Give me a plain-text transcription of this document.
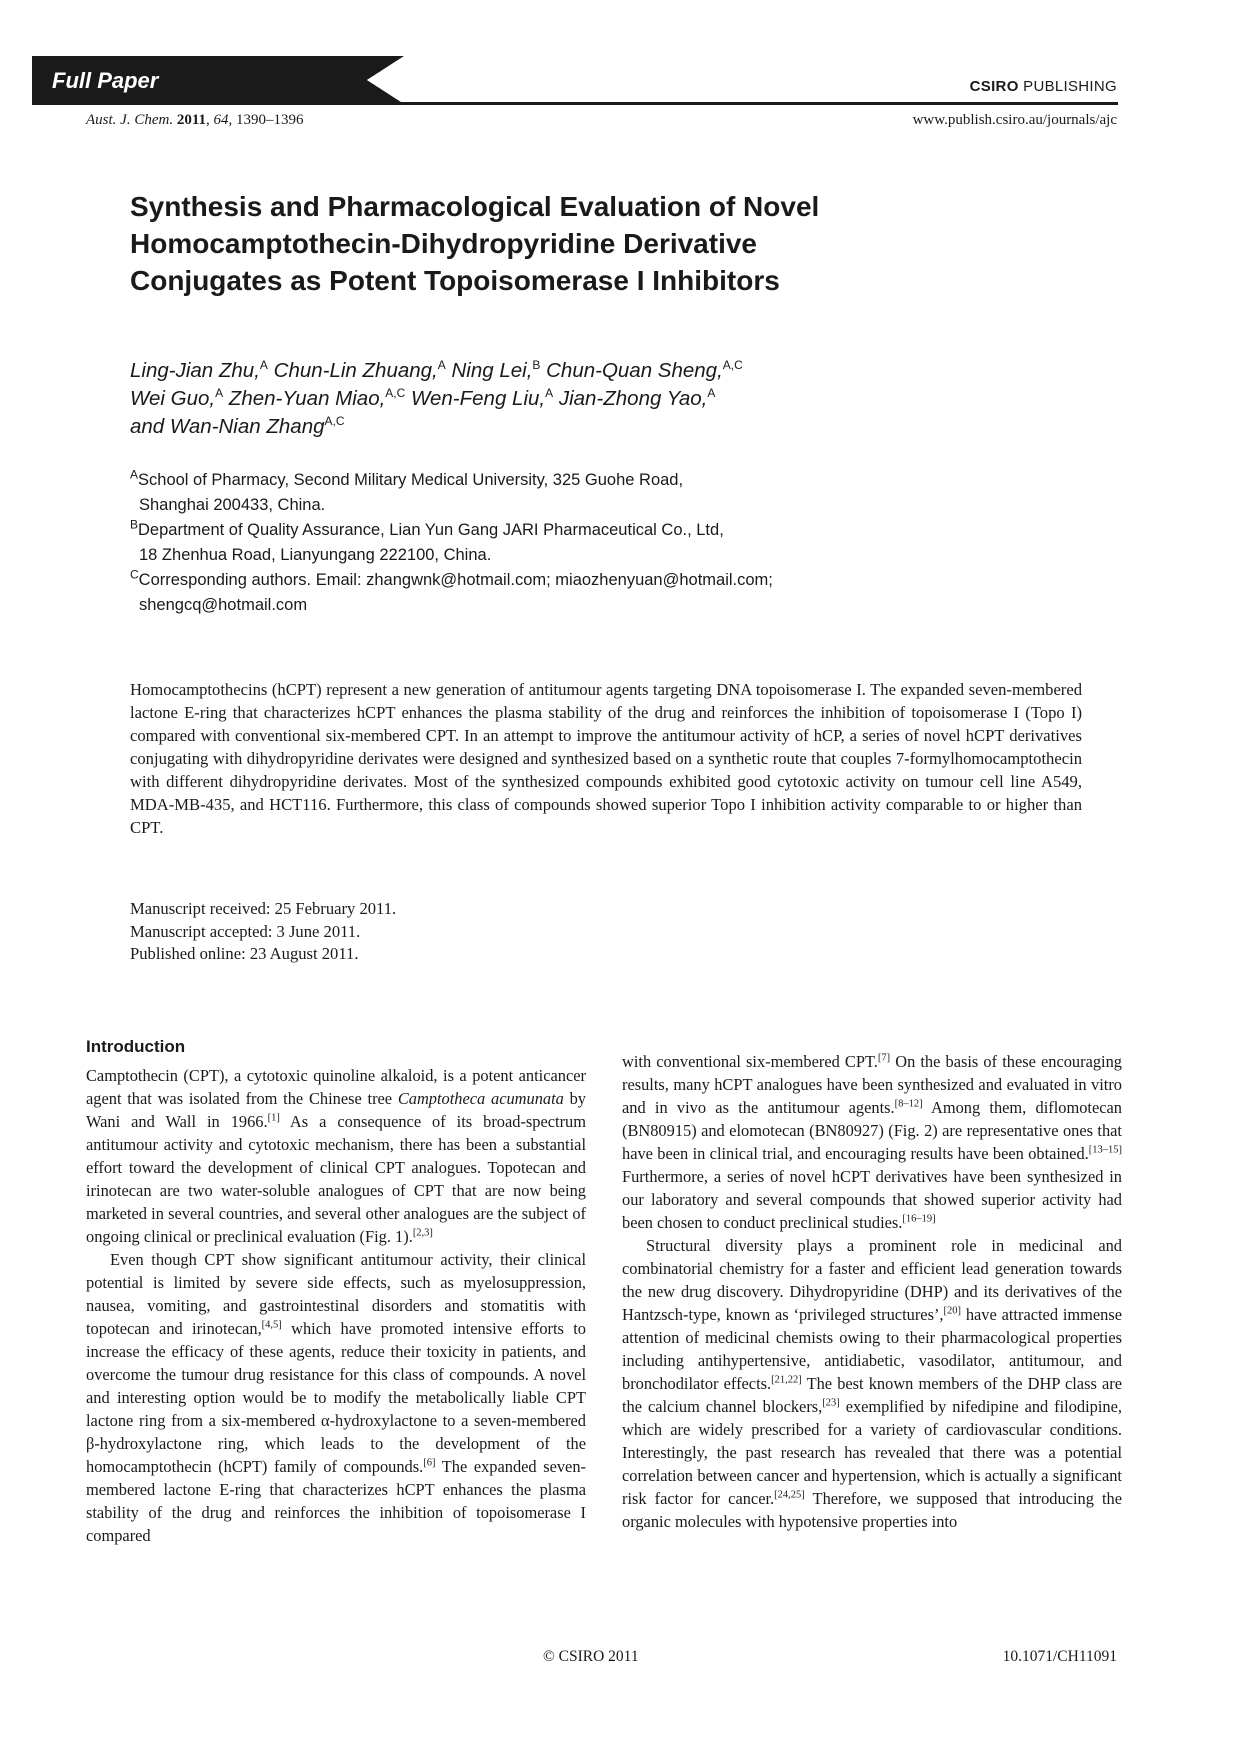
Full Paper	CSIRO PUBLISHING
Aust. J. Chem. 2011, 64, 1390–1396	www.publish.csiro.au/journals/ajc
Synthesis and Pharmacological Evaluation of Novel
Homocamptothecin-Dihydropyridine Derivative
Conjugates as Potent Topoisomerase I Inhibitors
Ling-Jian Zhu,$^A$ Chun-Lin Zhuang,$^A$ Ning Lei,$^B$ Chun-Quan Sheng,$^{A,C}$
Wei Guo,$^A$ Zhen-Yuan Miao,$^{A,C}$ Wen-Feng Liu,$^A$ Jian-Zhong Yao,$^A$
and Wan-Nian Zhang$^{A,C}$
$^A$School of Pharmacy, Second Military Medical University, 325 Guohe Road,
Shanghai 200433, China.
$^B$Department of Quality Assurance, Lian Yun Gang JARI Pharmaceutical Co., Ltd,
18 Zhenhua Road, Lianyungang 222100, China.
$^C$Corresponding authors. Email: zhangwnk@hotmail.com; miaozhenyuan@hotmail.com;
shengcq@hotmail.com

Homocamptothecins (hCPT) represent a new generation of antitumour agents targeting DNA topoisomerase I. The expanded seven-membered lactone E-ring that characterizes hCPT enhances the plasma stability of the drug and reinforces the inhibition of topoisomerase I (Topo I) compared with conventional six-membered CPT. In an attempt to improve the antitumour activity of hCP, a series of novel hCPT derivatives conjugating with dihydropyridine derivates were designed and synthesized based on a synthetic route that couples 7-formylhomocamptothecin with different dihydropyridine derivates. Most of the synthesized compounds exhibited good cytotoxic activity on tumour cell line A549, MDA-MB-435, and HCT116. Furthermore, this class of compounds showed superior Topo I inhibition activity comparable to or higher than CPT.

Manuscript received: 25 February 2011.
Manuscript accepted: 3 June 2011.
Published online: 23 August 2011.
Introduction

Camptothecin (CPT), a cytotoxic quinoline alkaloid, is a potent anticancer agent that was isolated from the Chinese tree Camptotheca acumunata by Wani and Wall in 1966.[1] As a consequence of its broad-spectrum antitumour activity and cytotoxic mechanism, there has been a substantial effort toward the development of clinical CPT analogues. Topotecan and irinotecan are two water-soluble analogues of CPT that are now being marketed in several countries, and several other analogues are the subject of ongoing clinical or preclinical evaluation (Fig. 1).[2,3]

Even though CPT show significant antitumour activity, their clinical potential is limited by severe side effects, such as myelosuppression, nausea, vomiting, and gastrointestinal disorders and stomatitis with topotecan and irinotecan,[4,5] which have promoted intensive efforts to increase the efficacy of these agents, reduce their toxicity in patients, and overcome the tumour drug resistance for this class of compounds. A novel and interesting option would be to modify the metabolically liable CPT lactone ring from a six-membered α-hydroxylactone to a seven-membered β-hydroxylactone ring, which leads to the development of the homocamptothecin (hCPT) family of compounds.[6] The expanded seven-membered lactone E-ring that characterizes hCPT enhances the plasma stability of the drug and reinforces the inhibition of topoisomerase I compared

with conventional six-membered CPT.[7] On the basis of these encouraging results, many hCPT analogues have been synthesized and evaluated in vitro and in vivo as the antitumour agents.[8–12] Among them, diflomotecan (BN80915) and elomotecan (BN80927) (Fig. 2) are representative ones that have been in clinical trial, and encouraging results have been obtained.[13–15] Furthermore, a series of novel hCPT derivatives have been synthesized in our laboratory and several compounds that showed superior activity had been chosen to conduct preclinical studies.[16–19]

Structural diversity plays a prominent role in medicinal and combinatorial chemistry for a faster and efficient lead generation towards the new drug discovery. Dihydropyridine (DHP) and its derivatives of the Hantzsch-type, known as ‘privileged structures’,[20] have attracted immense attention of medicinal chemists owing to their pharmacological properties including antihypertensive, antidiabetic, vasodilator, antitumour, and bronchodilator effects.[21,22] The best known members of the DHP class are the calcium channel blockers,[23] exemplified by nifedipine and filodipine, which are widely prescribed for a variety of cardiovascular conditions. Interestingly, the past research has revealed that there was a potential correlation between cancer and hypertension, which is actually a significant risk factor for cancer.[24,25] Therefore, we supposed that introducing the organic molecules with hypotensive properties into

© CSIRO 2011	10.1071/CH11091
